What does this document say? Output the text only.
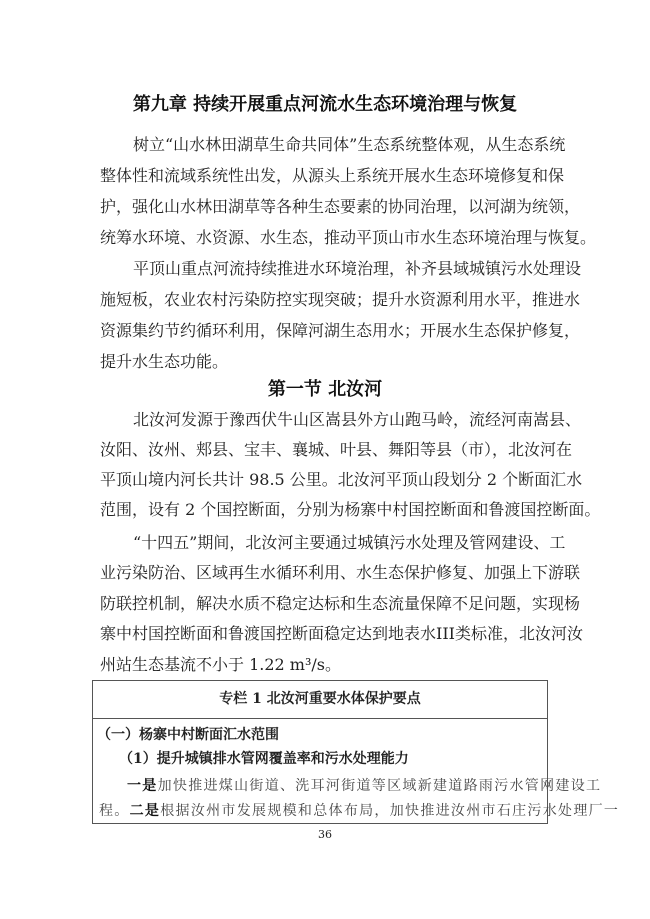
第九章 持续开展重点河流水生态环境治理与恢复
树立“山水林田湖草生命共同体”生态系统整体观，从生态系统
整体性和流域系统性出发，从源头上系统开展水生态环境修复和保
护，强化山水林田湖草等各种生态要素的协同治理，以河湖为统领，
统筹水环境、水资源、水生态，推动平顶山市水生态环境治理与恢复。
平顶山重点河流持续推进水环境治理，补齐县域城镇污水处理设
施短板，农业农村污染防控实现突破；提升水资源利用水平，推进水
资源集约节约循环利用，保障河湖生态用水；开展水生态保护修复，
提升水生态功能。
第一节 北汝河
北汝河发源于豫西伏牛山区嵩县外方山跑马岭，流经河南嵩县、
汝阳、汝州、郏县、宝丰、襄城、叶县、舞阳等县（市），北汝河在
平顶山境内河长共计 98.5 公里。北汝河平顶山段划分 2 个断面汇水
范围，设有 2 个国控断面，分别为杨寨中村国控断面和鲁渡国控断面。
“十四五”期间，北汝河主要通过城镇污水处理及管网建设、工
业污染防治、区域再生水循环利用、水生态保护修复、加强上下游联
防联控机制，解决水质不稳定达标和生态流量保障不足问题，实现杨
寨中村国控断面和鲁渡国控断面稳定达到地表水III类标准，北汝河汝
州站生态基流不小于 1.22 m³/s。
专栏 1 北汝河重要水体保护要点
（一）杨寨中村断面汇水范围
（1）提升城镇排水管网覆盖率和污水处理能力
一是加快推进煤山街道、洗耳河街道等区域新建道路雨污水管网建设工
程。二是根据汝州市发展规模和总体布局，加快推进汝州市石庄污水处理厂一
36
